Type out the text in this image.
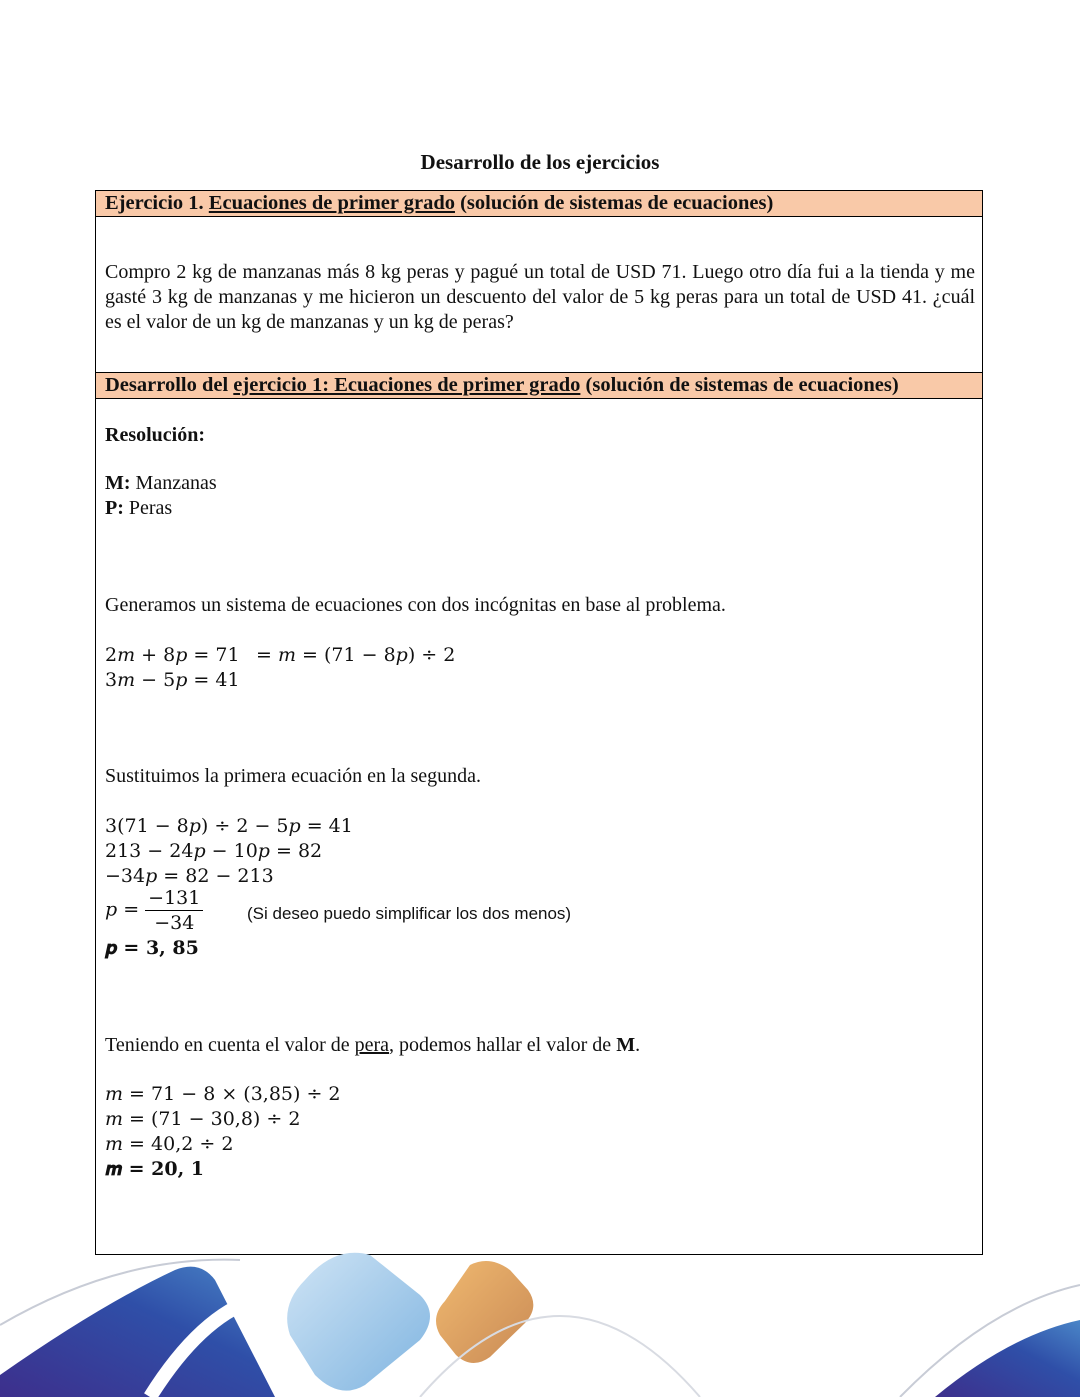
Desarrollo de los ejercicios
Ejercicio 1. Ecuaciones de primer grado (solución de sistemas de ecuaciones)
Compro 2 kg de manzanas más 8 kg peras y pagué un total de USD 71. Luego otro día fui a la tienda y me gasté 3 kg de manzanas y me hicieron un descuento del valor de 5 kg peras para un total de USD 41. ¿cuál es el valor de un kg de manzanas y un kg de peras?
Desarrollo del ejercicio 1: Ecuaciones de primer grado (solución de sistemas de ecuaciones)
Resolución:
M: Manzanas
P: Peras
Generamos un sistema de ecuaciones con dos incógnitas en base al problema.
2𝑚 + 8𝑝 = 71 = 𝑚 = (71 − 8𝑝) ÷ 2
3𝑚 − 5𝑝 = 41
Sustituimos la primera ecuación en la segunda.
3(71 − 8𝑝) ÷ 2 − 5𝑝 = 41
213 − 24𝑝 − 10𝑝 = 82
−34𝑝 = 82 − 213
𝑝 = $\frac{-131}{-34}$	(Si deseo puedo simplificar los dos menos)
𝒑 = 𝟑, 𝟖𝟓
Teniendo en cuenta el valor de pera, podemos hallar el valor de M.
𝑚 = 71 − 8 × (3,85) ÷ 2
𝑚 = (71 − 30,8) ÷ 2
𝑚 = 40,2 ÷ 2
𝒎 = 𝟐𝟎, 𝟏
